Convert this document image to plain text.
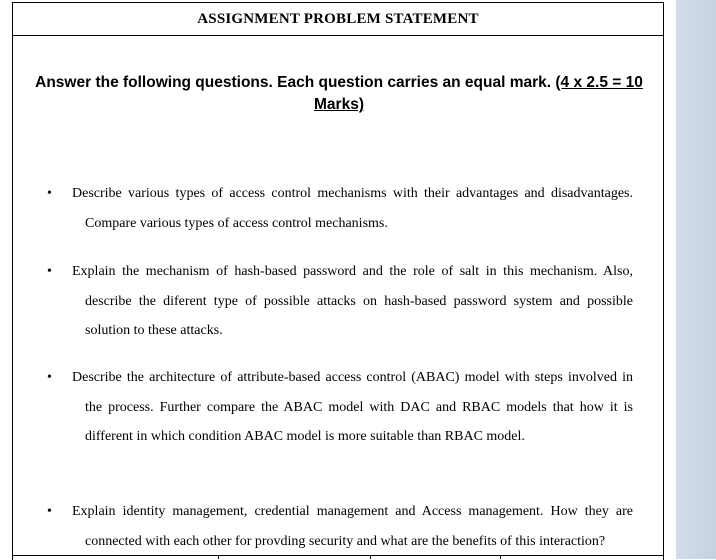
ASSIGNMENT PROBLEM STATEMENT

Answer the following questions. Each question carries an equal mark. (4 x 2.5 = 10 Marks)
•	Describe various types of access control mechanisms with their advantages and disadvantages. Compare various types of access control mechanisms.
•	Explain the mechanism of hash-based password and the role of salt in this mechanism. Also, describe the diferent type of possible attacks on hash-based password system and possible solution to these attacks.
•	Describe the architecture of attribute-based access control (ABAC) model with steps involved in the process. Further compare the ABAC model with DAC and RBAC models that how it is different in which condition ABAC model is more suitable than RBAC model.
•	Explain identity management, credential management and Access management. How they are connected with each other for provding security and what are the benefits of this interaction?
